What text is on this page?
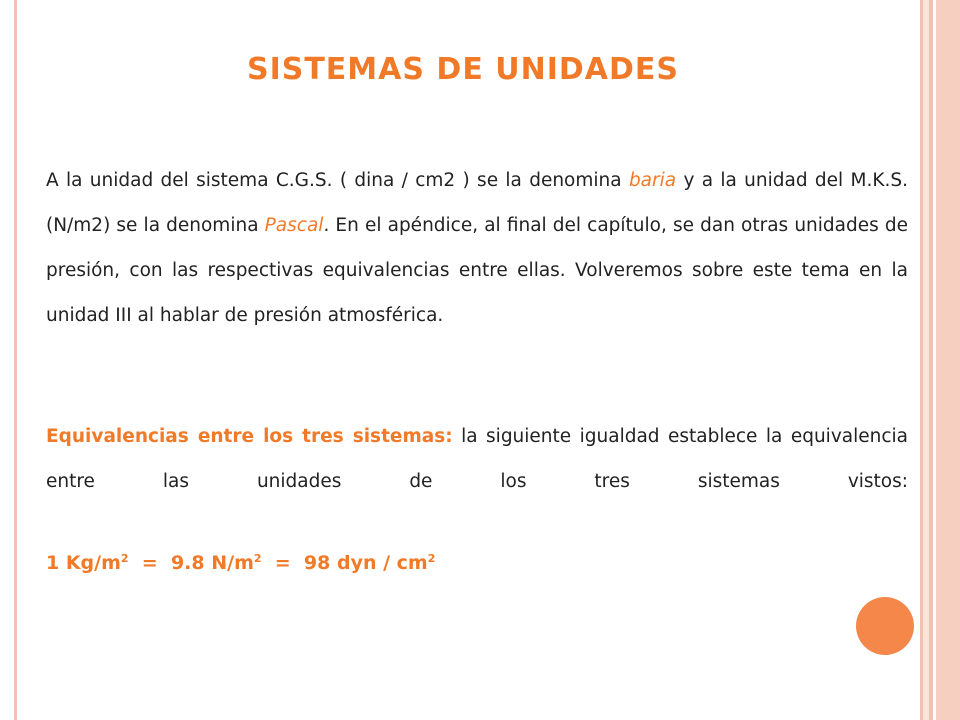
SISTEMAS DE UNIDADES

A la unidad del sistema C.G.S. ( dina / cm2 ) se la denomina baria y a la unidad del M.K.S. (N/m2) se la denomina Pascal. En el apéndice, al final del capítulo, se dan otras unidades de presión, con las respectivas equivalencias entre ellas. Volveremos sobre este tema en la unidad III al hablar de presión atmosférica.

Equivalencias entre los tres sistemas: la siguiente igualdad establece la equivalencia entre las unidades de los tres sistemas vistos:

1 $Kg/m^2 = 9.8$ $N/m^2 = 98$ dyn / $cm^2$
